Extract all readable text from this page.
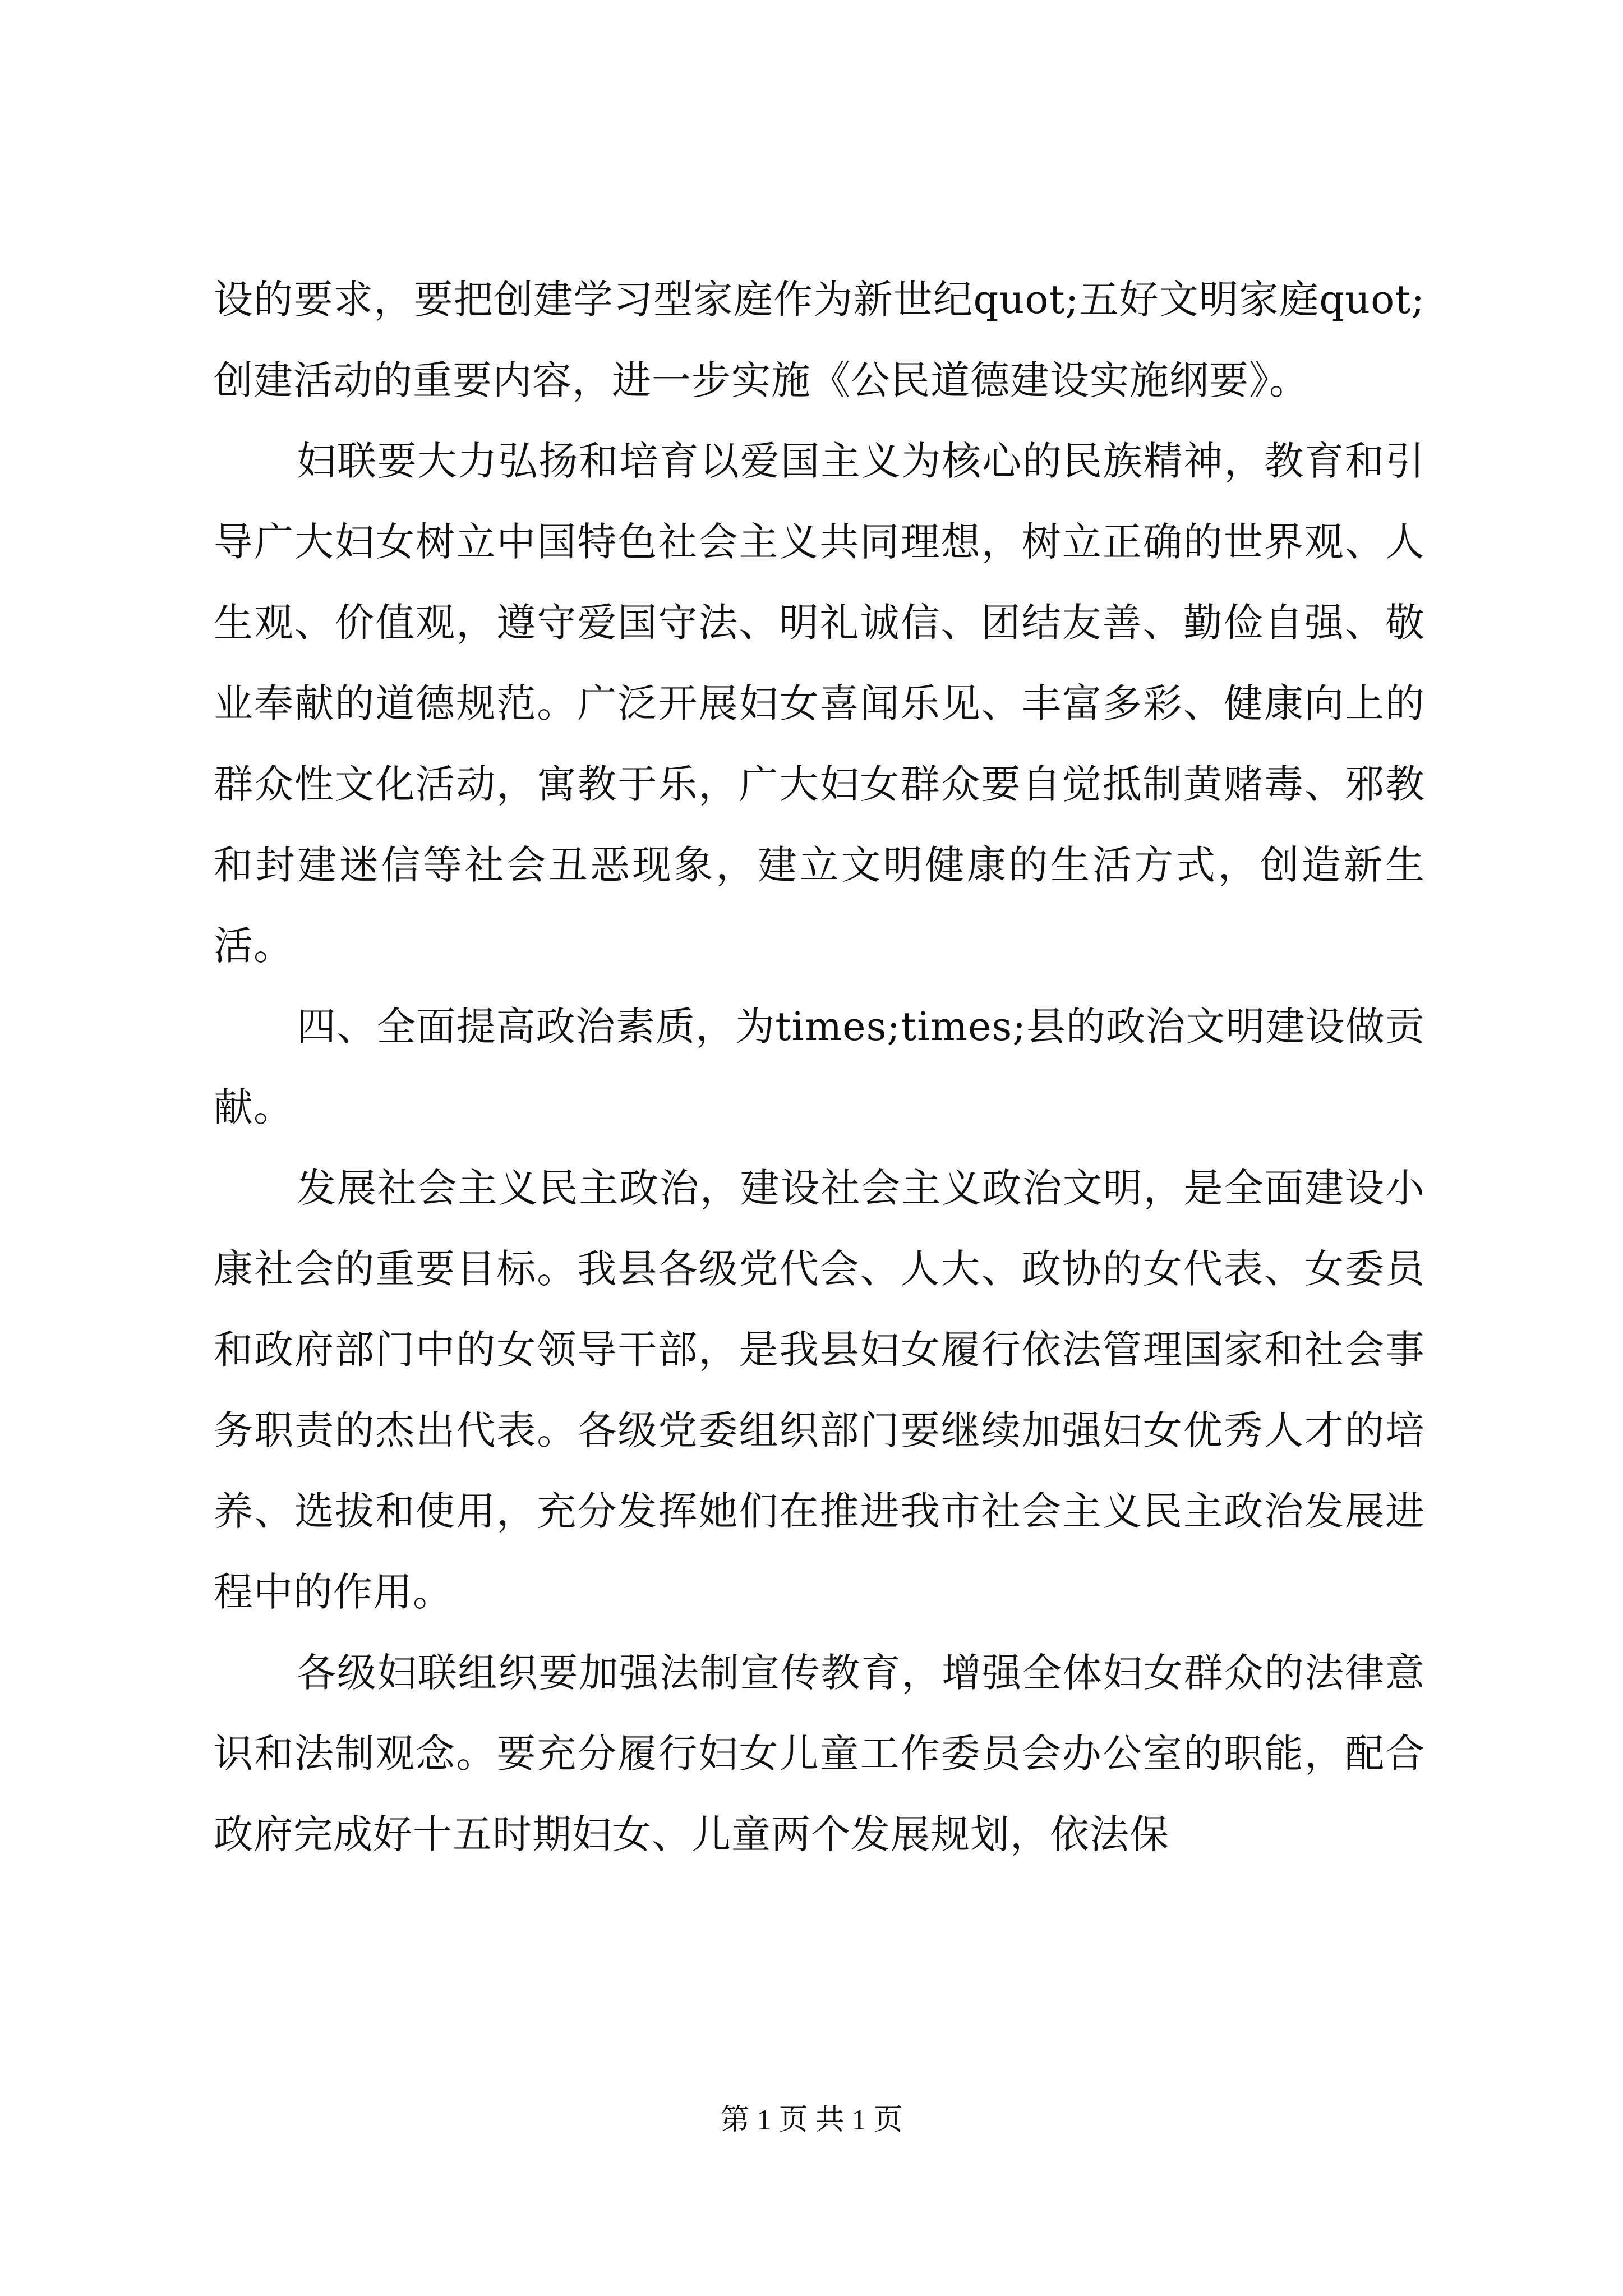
设的要求，要把创建学习型家庭作为新世纪quot;五好文明家庭quot;创建活动的重要内容，进一步实施《公民道德建设实施纲要》。

妇联要大力弘扬和培育以爱国主义为核心的民族精神，教育和引导广大妇女树立中国特色社会主义共同理想，树立正确的世界观、人生观、价值观，遵守爱国守法、明礼诚信、团结友善、勤俭自强、敬业奉献的道德规范。广泛开展妇女喜闻乐见、丰富多彩、健康向上的群众性文化活动，寓教于乐，广大妇女群众要自觉抵制黄赌毒、邪教和封建迷信等社会丑恶现象，建立文明健康的生活方式，创造新生活。

四、全面提高政治素质，为times;times;县的政治文明建设做贡献。

发展社会主义民主政治，建设社会主义政治文明，是全面建设小康社会的重要目标。我县各级党代会、人大、政协的女代表、女委员和政府部门中的女领导干部，是我县妇女履行依法管理国家和社会事务职责的杰出代表。各级党委组织部门要继续加强妇女优秀人才的培养、选拔和使用，充分发挥她们在推进我市社会主义民主政治发展进程中的作用。

各级妇联组织要加强法制宣传教育，增强全体妇女群众的法律意识和法制观念。要充分履行妇女儿童工作委员会办公室的职能，配合政府完成好十五时期妇女、儿童两个发展规划，依法保

第 1 页 共 1 页
